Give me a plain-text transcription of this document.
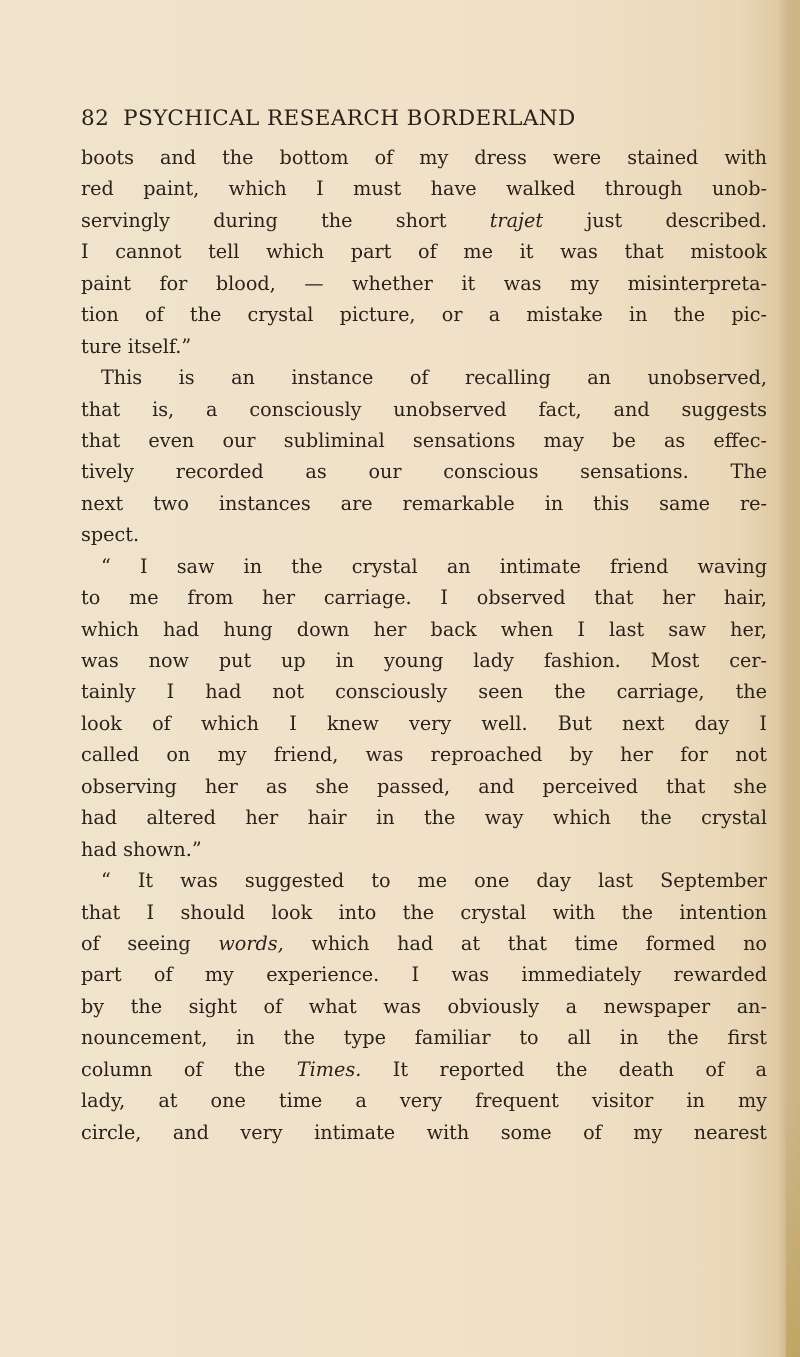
82 PSYCHICAL RESEARCH BORDERLAND
boots and the bottom of my dress were stained with
red paint, which I must have walked through unob-
servingly during the short trajet just described.
I cannot tell which part of me it was that mistook
paint for blood, — whether it was my misinterpreta-
tion of the crystal picture, or a mistake in the pic-
ture itself.”
This is an instance of recalling an unobserved,
that is, a consciously unobserved fact, and suggests
that even our subliminal sensations may be as effec-
tively recorded as our conscious sensations. The
next two instances are remarkable in this same re-
spect.
“ I saw in the crystal an intimate friend waving
to me from her carriage. I observed that her hair,
which had hung down her back when I last saw her,
was now put up in young lady fashion. Most cer-
tainly I had not consciously seen the carriage, the
look of which I knew very well. But next day I
called on my friend, was reproached by her for not
observing her as she passed, and perceived that she
had altered her hair in the way which the crystal
had shown.”
“ It was suggested to me one day last September
that I should look into the crystal with the intention
of seeing words, which had at that time formed no
part of my experience. I was immediately rewarded
by the sight of what was obviously a newspaper an-
nouncement, in the type familiar to all in the first
column of the Times. It reported the death of a
lady, at one time a very frequent visitor in my
circle, and very intimate with some of my nearest
